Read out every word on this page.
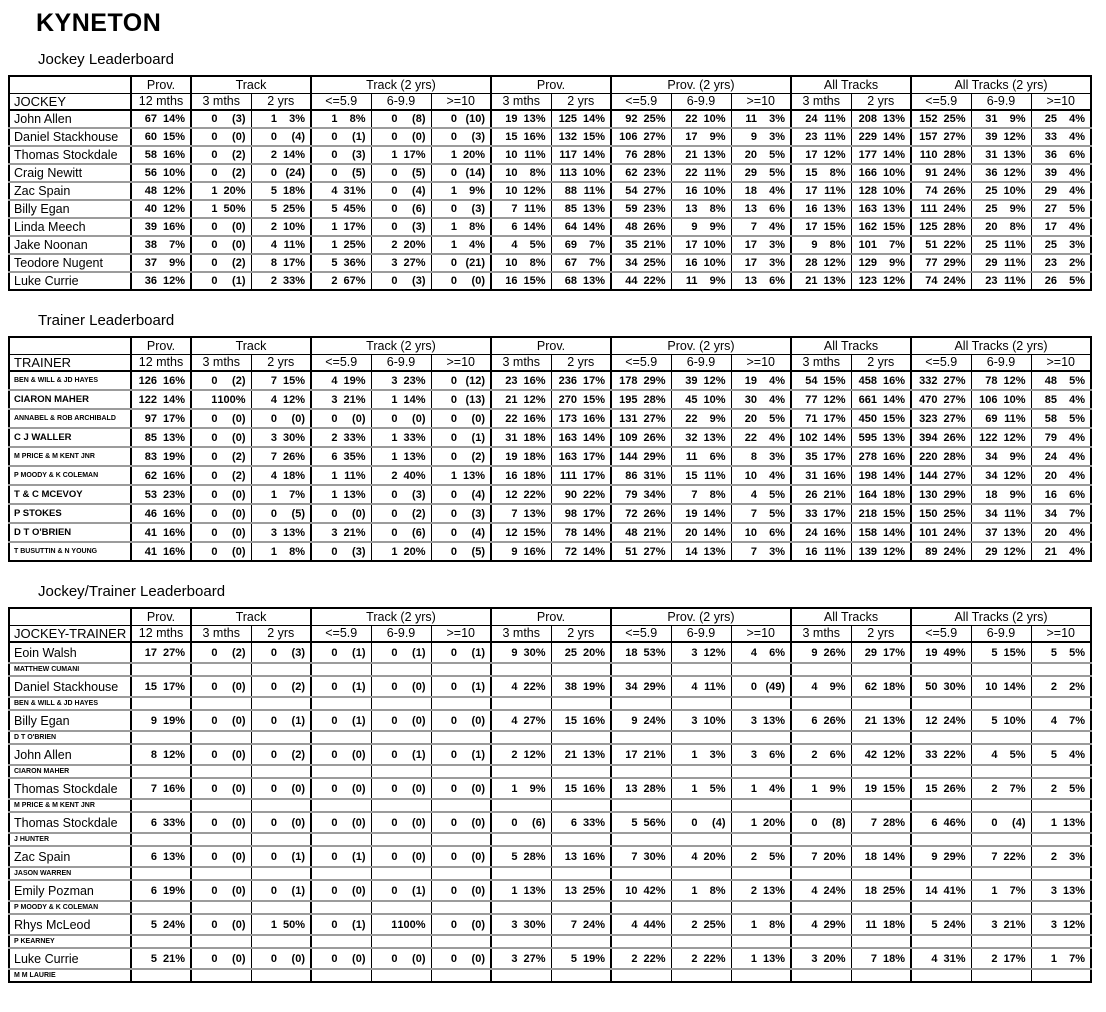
KYNETON
Jockey Leaderboard
	Prov.	Track		Track (2 yrs)			Prov.		Prov. (2 yrs)			All Tracks		All Tracks (2 yrs)		
JOCKEY	12 mths	3 mths	2 yrs	<=5.9	6-9.9	>=10	3 mths	2 yrs	<=5.9	6-9.9	>=10	3 mths	2 yrs	<=5.9	6-9.9	>=10
John Allen	67 14%	0 (3)	1 3%	1 8%	0 (8)	0 (10)	19 13%	125 14%	92 25%	22 10%	11 3%	24 11%	208 13%	152 25%	31 9%	25 4%
Daniel Stackhouse	60 15%	0 (0)	0 (4)	0 (1)	0 (0)	0 (3)	15 16%	132 15%	106 27%	17 9%	9 3%	23 11%	229 14%	157 27%	39 12%	33 4%
Thomas Stockdale	58 16%	0 (2)	2 14%	0 (3)	1 17%	1 20%	10 11%	117 14%	76 28%	21 13%	20 5%	17 12%	177 14%	110 28%	31 13%	36 6%
Craig Newitt	56 10%	0 (2)	0 (24)	0 (5)	0 (5)	0 (14)	10 8%	113 10%	62 23%	22 11%	29 5%	15 8%	166 10%	91 24%	36 12%	39 4%
Zac Spain	48 12%	1 20%	5 18%	4 31%	0 (4)	1 9%	10 12%	88 11%	54 27%	16 10%	18 4%	17 11%	128 10%	74 26%	25 10%	29 4%
Billy Egan	40 12%	1 50%	5 25%	5 45%	0 (6)	0 (3)	7 11%	85 13%	59 23%	13 8%	13 6%	16 13%	163 13%	111 24%	25 9%	27 5%
Linda Meech	39 16%	0 (0)	2 10%	1 17%	0 (3)	1 8%	6 14%	64 14%	48 26%	9 9%	7 4%	17 15%	162 15%	125 28%	20 8%	17 4%
Jake Noonan	38 7%	0 (0)	4 11%	1 25%	2 20%	1 4%	4 5%	69 7%	35 21%	17 10%	17 3%	9 8%	101 7%	51 22%	25 11%	25 3%
Teodore Nugent	37 9%	0 (2)	8 17%	5 36%	3 27%	0 (21)	10 8%	67 7%	34 25%	16 10%	17 3%	28 12%	129 9%	77 29%	29 11%	23 2%
Luke Currie	36 12%	0 (1)	2 33%	2 67%	0 (3)	0 (0)	16 15%	68 13%	44 22%	11 9%	13 6%	21 13%	123 12%	74 24%	23 11%	26 5%
Trainer Leaderboard
	Prov.	Track		Track (2 yrs)			Prov.		Prov. (2 yrs)			All Tracks		All Tracks (2 yrs)		
TRAINER	12 mths	3 mths	2 yrs	<=5.9	6-9.9	>=10	3 mths	2 yrs	<=5.9	6-9.9	>=10	3 mths	2 yrs	<=5.9	6-9.9	>=10
BEN & WILL & JD HAYES	126 16%	0 (2)	7 15%	4 19%	3 23%	0 (12)	23 16%	236 17%	178 29%	39 12%	19 4%	54 15%	458 16%	332 27%	78 12%	48 5%
CIARON MAHER	122 14%	1100%	4 12%	3 21%	1 14%	0 (13)	21 12%	270 15%	195 28%	45 10%	30 4%	77 12%	661 14%	470 27%	106 10%	85 4%
ANNABEL & ROB ARCHIBALD	97 17%	0 (0)	0 (0)	0 (0)	0 (0)	0 (0)	22 16%	173 16%	131 27%	22 9%	20 5%	71 17%	450 15%	323 27%	69 11%	58 5%
C J WALLER	85 13%	0 (0)	3 30%	2 33%	1 33%	0 (1)	31 18%	163 14%	109 26%	32 13%	22 4%	102 14%	595 13%	394 26%	122 12%	79 4%
M PRICE & M KENT JNR	83 19%	0 (2)	7 26%	6 35%	1 13%	0 (2)	19 18%	163 17%	144 29%	11 6%	8 3%	35 17%	278 16%	220 28%	34 9%	24 4%
P MOODY & K COLEMAN	62 16%	0 (2)	4 18%	1 11%	2 40%	1 13%	16 18%	111 17%	86 31%	15 11%	10 4%	31 16%	198 14%	144 27%	34 12%	20 4%
T & C MCEVOY	53 23%	0 (0)	1 7%	1 13%	0 (3)	0 (4)	12 22%	90 22%	79 34%	7 8%	4 5%	26 21%	164 18%	130 29%	18 9%	16 6%
P STOKES	46 16%	0 (0)	0 (5)	0 (0)	0 (2)	0 (3)	7 13%	98 17%	72 26%	19 14%	7 5%	33 17%	218 15%	150 25%	34 11%	34 7%
D T O'BRIEN	41 16%	0 (0)	3 13%	3 21%	0 (6)	0 (4)	12 15%	78 14%	48 21%	20 14%	10 6%	24 16%	158 14%	101 24%	37 13%	20 4%
T BUSUTTIN & N YOUNG	41 16%	0 (0)	1 8%	0 (3)	1 20%	0 (5)	9 16%	72 14%	51 27%	14 13%	7 3%	16 11%	139 12%	89 24%	29 12%	21 4%
Jockey/Trainer Leaderboard
	Prov.	Track		Track (2 yrs)			Prov.		Prov. (2 yrs)			All Tracks		All Tracks (2 yrs)		
JOCKEY-TRAINER	12 mths	3 mths	2 yrs	<=5.9	6-9.9	>=10	3 mths	2 yrs	<=5.9	6-9.9	>=10	3 mths	2 yrs	<=5.9	6-9.9	>=10
Eoin Walsh	17 27%	0 (2)	0 (3)	0 (1)	0 (1)	0 (1)	9 30%	25 20%	18 53%	3 12%	4 6%	9 26%	29 17%	19 49%	5 15%	5 5%
MATTHEW CUMANI																
Daniel Stackhouse	15 17%	0 (0)	0 (2)	0 (1)	0 (0)	0 (1)	4 22%	38 19%	34 29%	4 11%	0 (49)	4 9%	62 18%	50 30%	10 14%	2 2%
BEN & WILL & JD HAYES																
Billy Egan	9 19%	0 (0)	0 (1)	0 (1)	0 (0)	0 (0)	4 27%	15 16%	9 24%	3 10%	3 13%	6 26%	21 13%	12 24%	5 10%	4 7%
D T O'BRIEN																
John Allen	8 12%	0 (0)	0 (2)	0 (0)	0 (1)	0 (1)	2 12%	21 13%	17 21%	1 3%	3 6%	2 6%	42 12%	33 22%	4 5%	5 4%
CIARON MAHER																
Thomas Stockdale	7 16%	0 (0)	0 (0)	0 (0)	0 (0)	0 (0)	1 9%	15 16%	13 28%	1 5%	1 4%	1 9%	19 15%	15 26%	2 7%	2 5%
M PRICE & M KENT JNR																
Thomas Stockdale	6 33%	0 (0)	0 (0)	0 (0)	0 (0)	0 (0)	0 (6)	6 33%	5 56%	0 (4)	1 20%	0 (8)	7 28%	6 46%	0 (4)	1 13%
J HUNTER																
Zac Spain	6 13%	0 (0)	0 (1)	0 (1)	0 (0)	0 (0)	5 28%	13 16%	7 30%	4 20%	2 5%	7 20%	18 14%	9 29%	7 22%	2 3%
JASON WARREN																
Emily Pozman	6 19%	0 (0)	0 (1)	0 (0)	0 (1)	0 (0)	1 13%	13 25%	10 42%	1 8%	2 13%	4 24%	18 25%	14 41%	1 7%	3 13%
P MOODY & K COLEMAN																
Rhys McLeod	5 24%	0 (0)	1 50%	0 (1)	1100%	0 (0)	3 30%	7 24%	4 44%	2 25%	1 8%	4 29%	11 18%	5 24%	3 21%	3 12%
P KEARNEY																
Luke Currie	5 21%	0 (0)	0 (0)	0 (0)	0 (0)	0 (0)	3 27%	5 19%	2 22%	2 22%	1 13%	3 20%	7 18%	4 31%	2 17%	1 7%
M M LAURIE																
